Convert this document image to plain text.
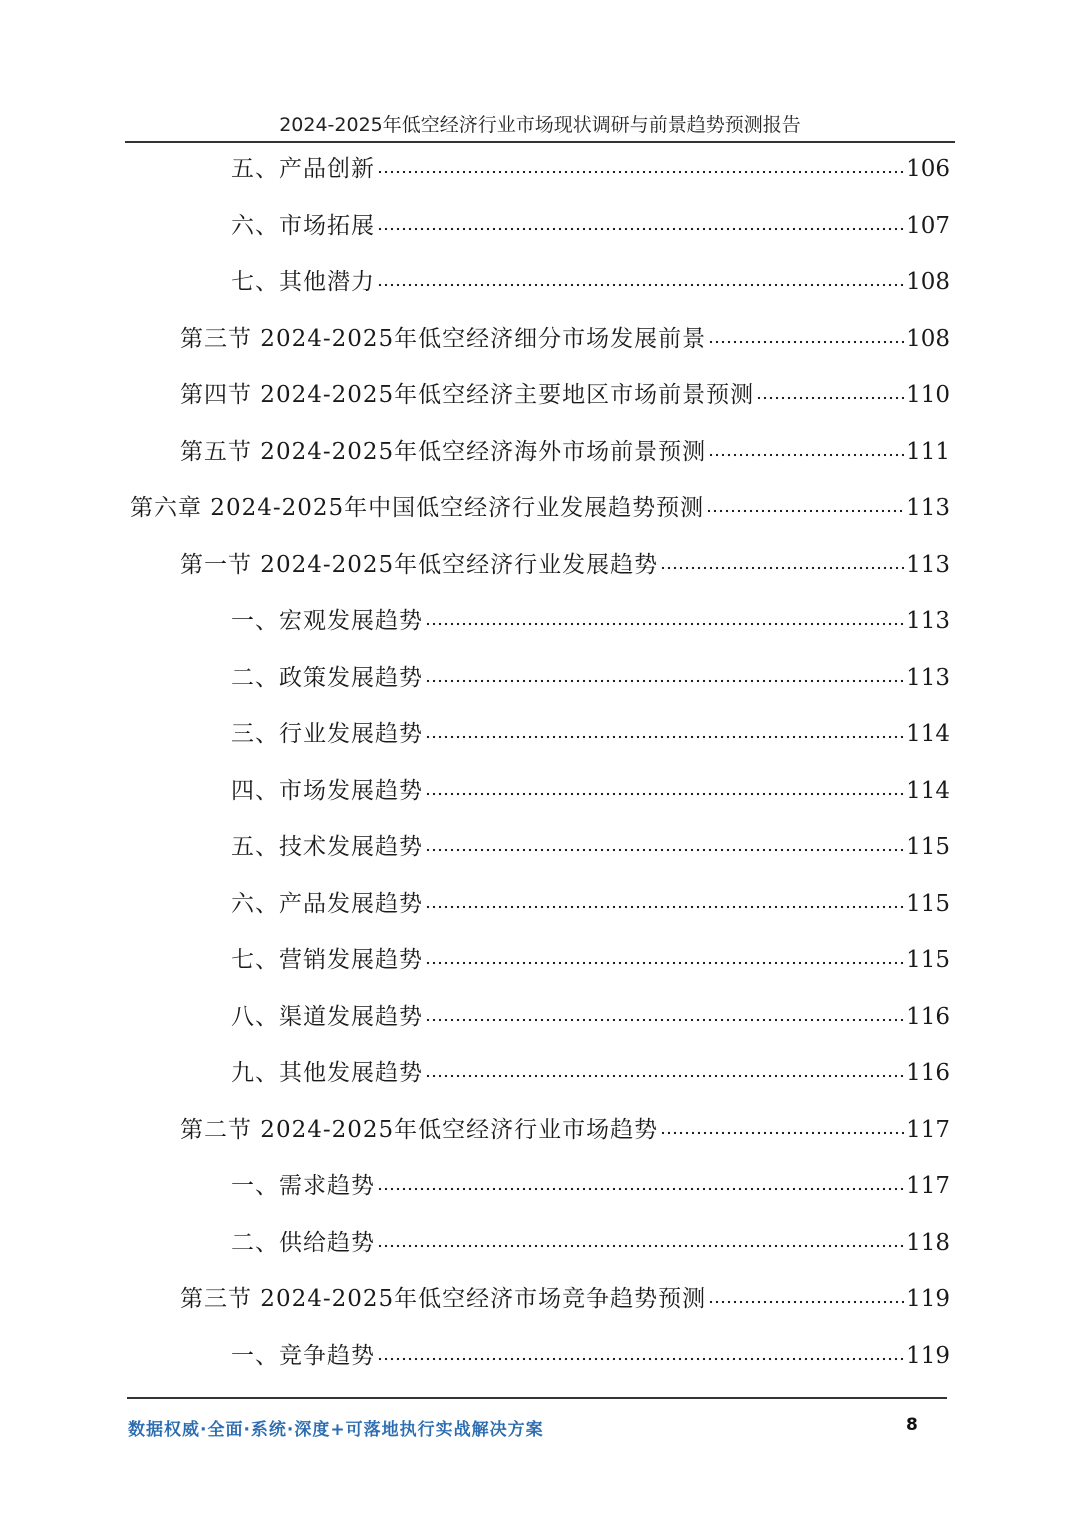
2024-2025年低空经济行业市场现状调研与前景趋势预测报告
五、产品创新	106
六、市场拓展	107
七、其他潜力	108
第三节 2024-2025年低空经济细分市场发展前景	108
第四节 2024-2025年低空经济主要地区市场前景预测	110
第五节 2024-2025年低空经济海外市场前景预测	111
第六章 2024-2025年中国低空经济行业发展趋势预测	113
第一节 2024-2025年低空经济行业发展趋势	113
一、宏观发展趋势	113
二、政策发展趋势	113
三、行业发展趋势	114
四、市场发展趋势	114
五、技术发展趋势	115
六、产品发展趋势	115
七、营销发展趋势	115
八、渠道发展趋势	116
九、其他发展趋势	116
第二节 2024-2025年低空经济行业市场趋势	117
一、需求趋势	117
二、供给趋势	118
第三节 2024-2025年低空经济市场竞争趋势预测	119
一、竞争趋势	119
数据权威·全面·系统·深度+可落地执行实战解决方案	8
